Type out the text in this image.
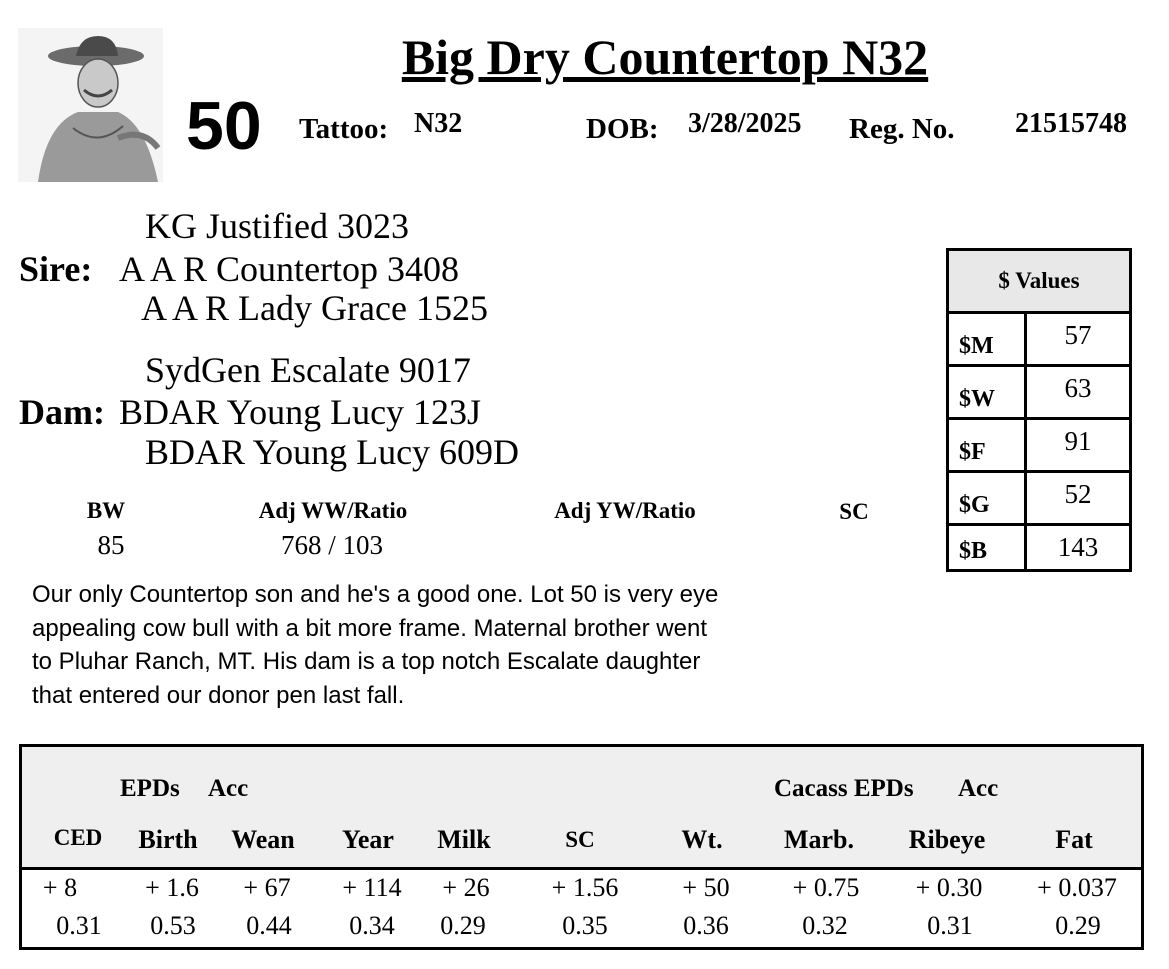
Big Dry Countertop N32
50 Tattoo: N32	DOB: 3/28/2025 Reg. No. 21515748
KG Justified 3023
Sire: A A R Countertop 3408
A A R Lady Grace 1525
SydGen Escalate 9017
Dam: BDAR Young Lucy 123J
BDAR Young Lucy 609D
BW	Adj WW/Ratio	Adj YW/Ratio	SC
85	768 / 103
$ Values
$M	57
$W	63
$F	91
$G	52
$B	143
Our only Countertop son and he's a good one. Lot 50 is very eye appealing cow bull with a bit more frame. Maternal brother went to Pluhar Ranch, MT. His dam is a top notch Escalate daughter that entered our donor pen last fall.
EPDs Acc	Cacass EPDs Acc
CED	Birth	Wean	Year	Milk	SC	Wt.	Marb.	Ribeye	Fat
+ 8	+ 1.6	+ 67	+ 114	+ 26	+ 1.56	+ 50	+ 0.75	+ 0.30	+ 0.037
0.31	0.53	0.44	0.34	0.29	0.35	0.36	0.32	0.31	0.29
